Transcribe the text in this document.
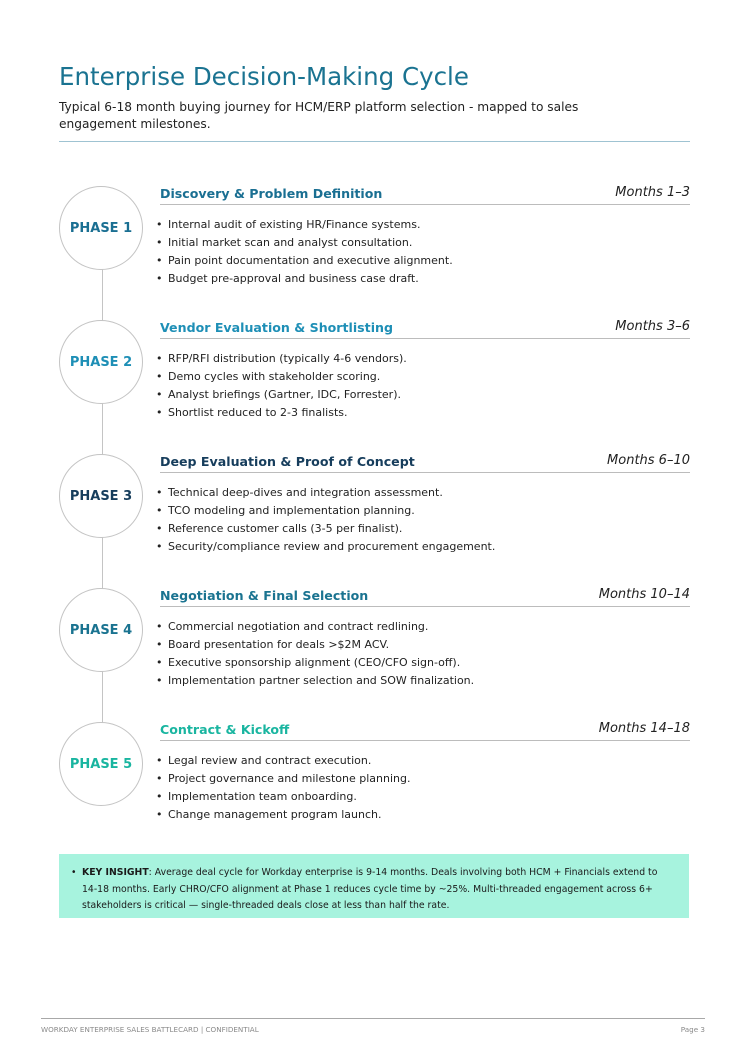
Enterprise Decision-Making Cycle

Typical 6-18 month buying journey for HCM/ERP platform selection - mapped to sales engagement milestones.

PHASE 1
Discovery & Problem Definition	Months 1–3
• Internal audit of existing HR/Finance systems.
• Initial market scan and analyst consultation.
• Pain point documentation and executive alignment.
• Budget pre-approval and business case draft.
PHASE 2
Vendor Evaluation & Shortlisting	Months 3–6
• RFP/RFI distribution (typically 4-6 vendors).
• Demo cycles with stakeholder scoring.
• Analyst briefings (Gartner, IDC, Forrester).
• Shortlist reduced to 2-3 finalists.
PHASE 3
Deep Evaluation & Proof of Concept	Months 6–10
• Technical deep-dives and integration assessment.
• TCO modeling and implementation planning.
• Reference customer calls (3-5 per finalist).
• Security/compliance review and procurement engagement.
PHASE 4
Negotiation & Final Selection	Months 10–14
• Commercial negotiation and contract redlining.
• Board presentation for deals >$2M ACV.
• Executive sponsorship alignment (CEO/CFO sign-off).
• Implementation partner selection and SOW finalization.
PHASE 5
Contract & Kickoff	Months 14–18
• Legal review and contract execution.
• Project governance and milestone planning.
• Implementation team onboarding.
• Change management program launch.

• KEY INSIGHT: Average deal cycle for Workday enterprise is 9-14 months. Deals involving both HCM + Financials extend to 14-18 months. Early CHRO/CFO alignment at Phase 1 reduces cycle time by ~25%. Multi-threaded engagement across 6+ stakeholders is critical — single-threaded deals close at less than half the rate.

WORKDAY ENTERPRISE SALES BATTLECARD | CONFIDENTIAL	Page 3
